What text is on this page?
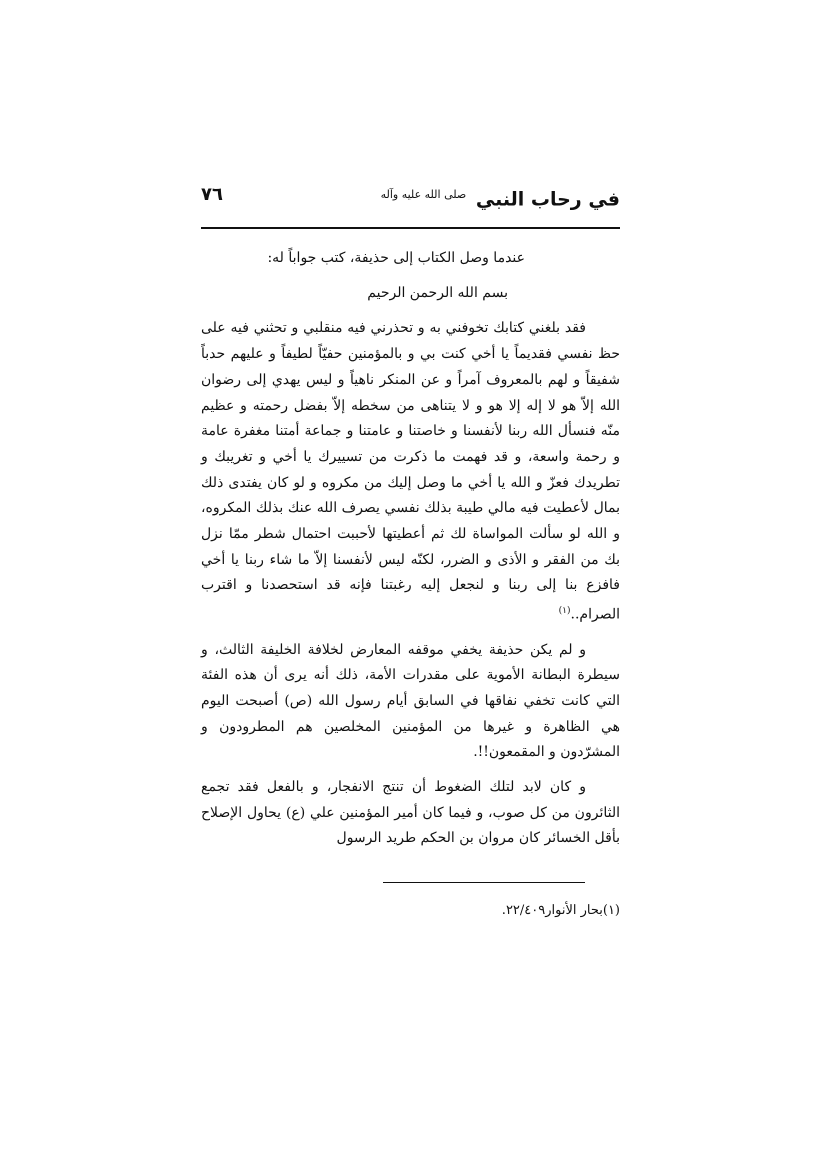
في رحاب النبي $^{صلى الله عليه وآله}$
٧٦

عندما وصل الكتاب إلى حذيفة، كتب جواباً له:

بسم الله الرحمن الرحيم

فقد بلغني كتابك تخوفني به و تحذرني فيه منقلبي و تحثني فيه على حظ نفسي فقديماً يا أخي كنت بي و بالمؤمنين حفيّاً لطيفاً و عليهم حدباً شفيقاً و لهم بالمعروف آمراً و عن المنكر ناهياً و ليس يهدي إلى رضوان الله إلاّ هو لا إله إلا هو و لا يتناهى من سخطه إلاّ بفضل رحمته و عظيم منّه فنسأل الله ربنا لأنفسنا و خاصتنا و عامتنا و جماعة أمتنا مغفرة عامة و رحمة واسعة، و قد فهمت ما ذكرت من تسييرك يا أخي و تغريبك و تطريدك فعزّ و الله يا أخي ما وصل إليك من مكروه و لو كان يفتدى ذلك بمال لأعطيت فيه مالي طيبة بذلك نفسي يصرف الله عنك بذلك المكروه، و الله لو سألت المواساة لك ثم أعطيتها لأحببت احتمال شطر ممّا نزل بك من الفقر و الأذى و الضرر، لكنّه ليس لأنفسنا إلاّ ما شاء ربنا يا أخي فافزع بنا إلى ربنا و لنجعل إليه رغبتنا فإنه قد استحصدنا و اقترب الصرام..$^{(١)}$

و لم يكن حذيفة يخفي موقفه المعارض لخلافة الخليفة الثالث، و سيطرة البطانة الأموية على مقدرات الأمة، ذلك أنه يرى أن هذه الفئة التي كانت تخفي نفاقها في السابق أيام رسول الله (ص) أصبحت اليوم هي الظاهرة و غيرها من المؤمنين المخلصين هم المطرودون و المشرّدون و المقمعون!!.

و كان لابد لتلك الضغوط أن تنتج الانفجار، و بالفعل فقد تجمع الثائرون من كل صوب، و فيما كان أمير المؤمنين علي (ع) يحاول الإصلاح بأقل الخسائر كان مروان بن الحكم طريد الرسول

(١)بحار الأنوار٢٢/٤٠٩.
